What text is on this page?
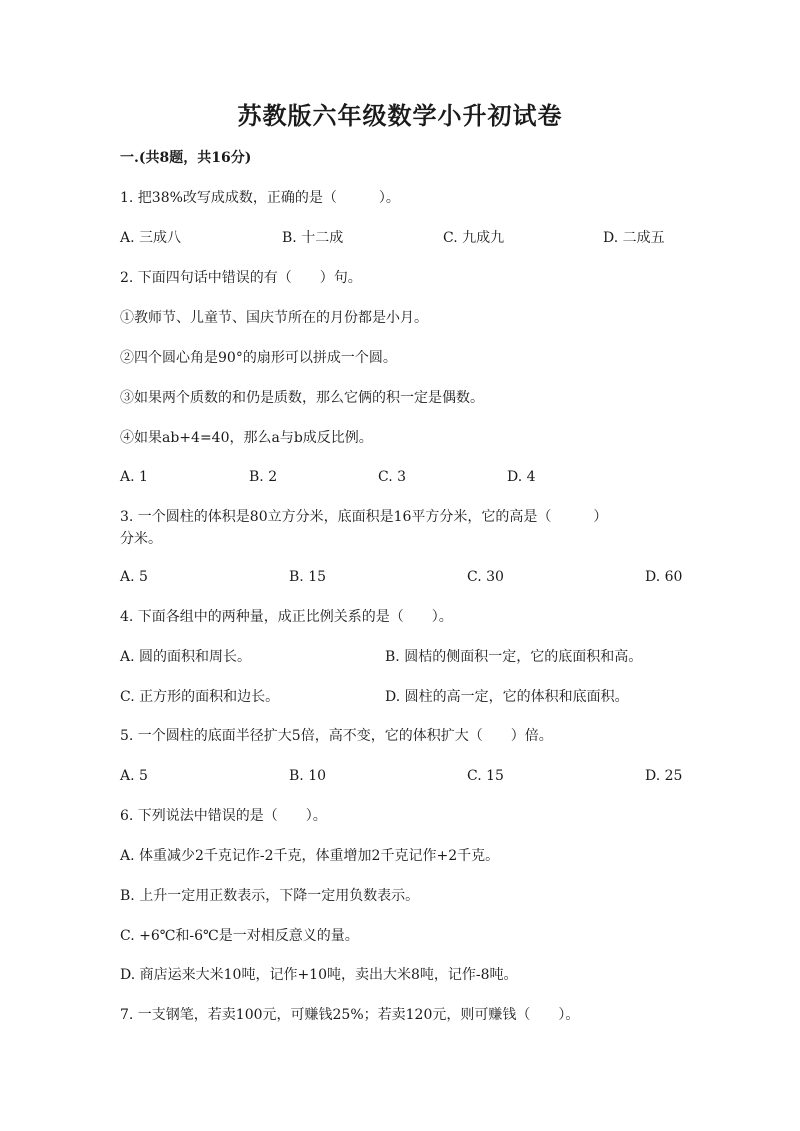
苏教版六年级数学小升初试卷
一.(共8题，共16分)
1. 把38%改写成成数，正确的是（　　　）。
A. 三成八	B. 十二成	C. 九成九	D. 二成五
2. 下面四句话中错误的有（　　）句。
①教师节、儿童节、国庆节所在的月份都是小月。
②四个圆心角是90°的扇形可以拼成一个圆。
③如果两个质数的和仍是质数，那么它俩的积一定是偶数。
④如果ab+4=40，那么a与b成反比例。
A. 1	B. 2	C. 3	D. 4
3. 一个圆柱的体积是80立方分米，底面积是16平方分米，它的高是（　　　）
分米。
A. 5	B. 15	C. 30	D. 60
4. 下面各组中的两种量，成正比例关系的是（　　）。
A. 圆的面积和周长。	B. 圆桔的侧面积一定，它的底面积和高。
C. 正方形的面积和边长。	D. 圆柱的高一定，它的体积和底面积。
5. 一个圆柱的底面半径扩大5倍，高不变，它的体积扩大（　　）倍。
A. 5	B. 10	C. 15	D. 25
6. 下列说法中错误的是（　　）。
A. 体重减少2千克记作-2千克，体重增加2千克记作+2千克。
B. 上升一定用正数表示，下降一定用负数表示。
C. +6℃和-6℃是一对相反意义的量。
D. 商店运来大米10吨，记作+10吨，卖出大米8吨，记作-8吨。
7. 一支钢笔，若卖100元，可赚钱25%；若卖120元，则可赚钱（　　）。
